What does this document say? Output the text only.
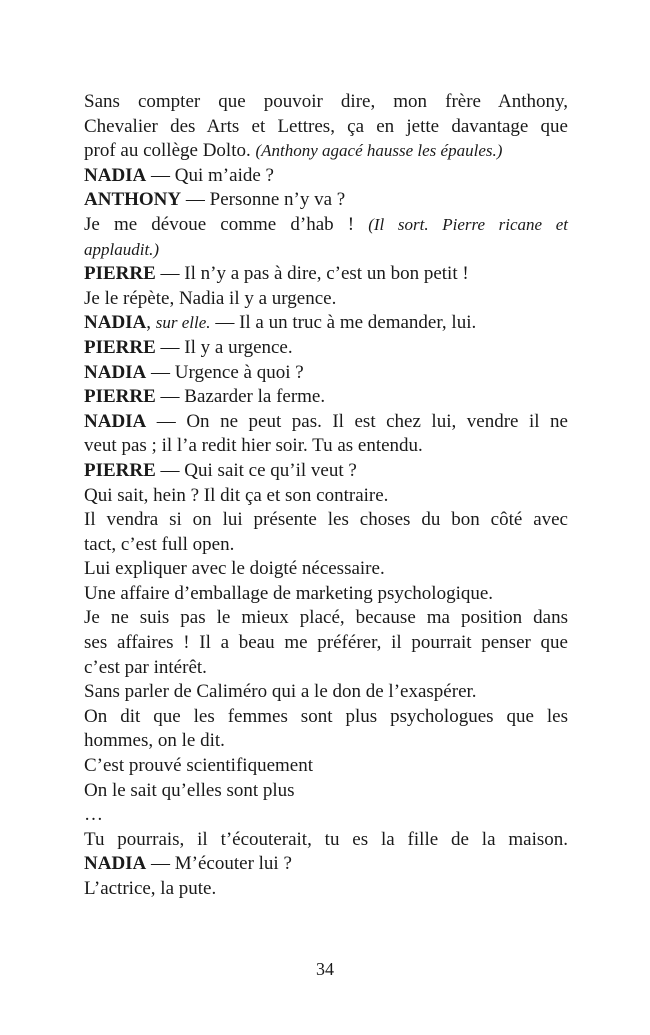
Sans compter que pouvoir dire, mon frère Anthony,
Chevalier des Arts et Lettres, ça en jette davantage que
prof au collège Dolto. (Anthony agacé hausse les épaules.)
NADIA — Qui m’aide ?
ANTHONY — Personne n’y va ?
Je me dévoue comme d’hab ! (Il sort. Pierre ricane et
applaudit.)
PIERRE — Il n’y a pas à dire, c’est un bon petit !
Je le répète, Nadia il y a urgence.
NADIA, sur elle. — Il a un truc à me demander, lui.
PIERRE — Il y a urgence.
NADIA — Urgence à quoi ?
PIERRE — Bazarder la ferme.
NADIA — On ne peut pas. Il est chez lui, vendre il ne
veut pas ; il l’a redit hier soir. Tu as entendu.
PIERRE — Qui sait ce qu’il veut ?
Qui sait, hein ? Il dit ça et son contraire.
Il vendra si on lui présente les choses du bon côté avec
tact, c’est full open.
Lui expliquer avec le doigté nécessaire.
Une affaire d’emballage de marketing psychologique.
Je ne suis pas le mieux placé, because ma position dans
ses affaires ! Il a beau me préférer, il pourrait penser que
c’est par intérêt.
Sans parler de Caliméro qui a le don de l’exaspérer.
On dit que les femmes sont plus psychologues que les
hommes, on le dit.
C’est prouvé scientifiquement
On le sait qu’elles sont plus
…
Tu pourrais, il t’écouterait, tu es la fille de la maison.
NADIA — M’écouter lui ?
L’actrice, la pute.
34
